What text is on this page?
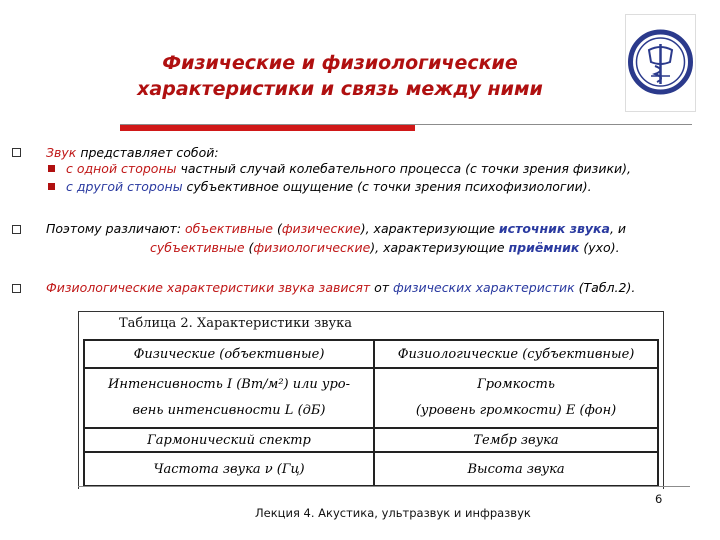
Физические и физиологические
характеристики и связь между ними
Звук представляет собой:
с одной стороны частный случай колебательного процесса (с точки зрения физики),
с другой стороны субъективное ощущение (с точки зрения психофизиологии).
Поэтому различают: объективные (физические), характеризующие источник звука, и
субъективные (физиологические), характеризующие приёмник (ухо).
Физиологические характеристики звука зависят от физических характеристик (Табл.2).
Таблица 2. Характеристики звука
Физические (объективные)	Физиологические (субъективные)

Интенсивность I (Вт/м²) или уро-
вень интенсивности L (дБ)	Громкость
(уровень громкости) E (фон)

Гармонический спектр	Тембр звука
Частота звука ν (Гц)	Высота звука
6
Лекция 4. Акустика, ультразвук и инфразвук
